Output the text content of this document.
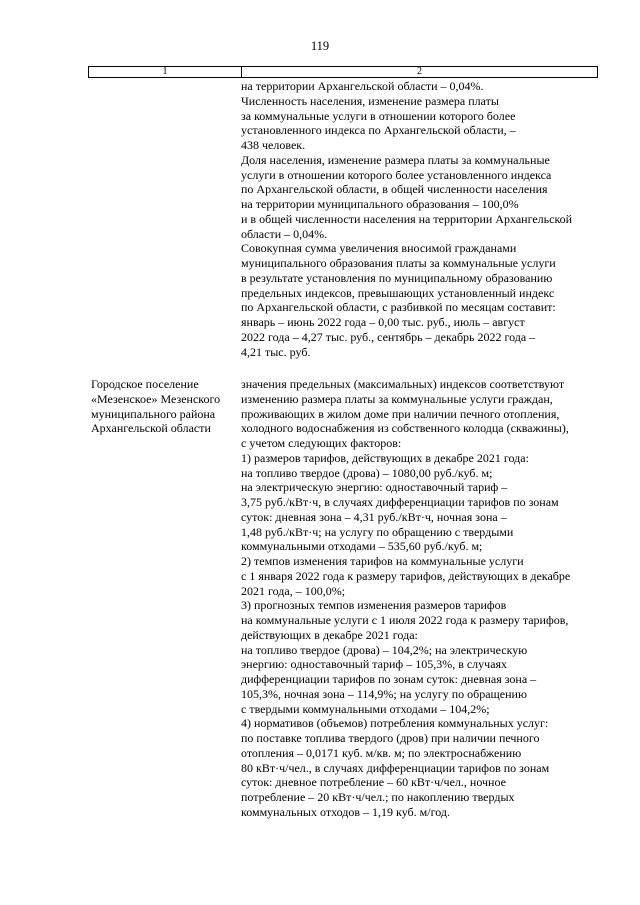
119
1	2
на территории Архангельской области – 0,04%.
Численность населения, изменение размера платы
за коммунальные услуги в отношении которого более
установленного индекса по Архангельской области, –
438 человек.
Доля населения, изменение размера платы за коммунальные
услуги в отношении которого более установленного индекса
по Архангельской области, в общей численности населения
на территории муниципального образования – 100,0%
и в общей численности населения на территории Архангельской
области – 0,04%.
Совокупная сумма увеличения вносимой гражданами
муниципального образования платы за коммунальные услуги
в результате установления по муниципальному образованию
предельных индексов, превышающих установленный индекс
по Архангельской области, с разбивкой по месяцам составит:
январь – июнь 2022 года – 0,00 тыс. руб., июль – август
2022 года – 4,27 тыс. руб., сентябрь – декабрь 2022 года –
4,21 тыс. руб.
Городское поселение
«Мезенское» Мезенского
муниципального района
Архангельской области
значения предельных (максимальных) индексов соответствуют
изменению размера платы за коммунальные услуги граждан,
проживающих в жилом доме при наличии печного отопления,
холодного водоснабжения из собственного колодца (скважины),
с учетом следующих факторов:
1) размеров тарифов, действующих в декабре 2021 года:
на топливо твердое (дрова) – 1080,00 руб./куб. м;
на электрическую энергию: одноставочный тариф –
3,75 руб./кВт·ч, в случаях дифференциации тарифов по зонам
суток: дневная зона – 4,31 руб./кВт·ч, ночная зона –
1,48 руб./кВт·ч; на услугу по обращению с твердыми
коммунальными отходами – 535,60 руб./куб. м;
2) темпов изменения тарифов на коммунальные услуги
с 1 января 2022 года к размеру тарифов, действующих в декабре
2021 года, – 100,0%;
3) прогнозных темпов изменения размеров тарифов
на коммунальные услуги с 1 июля 2022 года к размеру тарифов,
действующих в декабре 2021 года:
на топливо твердое (дрова) – 104,2%; на электрическую
энергию: одноставочный тариф – 105,3%, в случаях
дифференциации тарифов по зонам суток: дневная зона –
105,3%, ночная зона – 114,9%; на услугу по обращению
с твердыми коммунальными отходами – 104,2%;
4) нормативов (объемов) потребления коммунальных услуг:
по поставке топлива твердого (дров) при наличии печного
отопления – 0,0171 куб. м/кв. м; по электроснабжению
80 кВт·ч/чел., в случаях дифференциации тарифов по зонам
суток: дневное потребление – 60 кВт·ч/чел., ночное
потребление – 20 кВт·ч/чел.; по накоплению твердых
коммунальных отходов – 1,19 куб. м/год.
